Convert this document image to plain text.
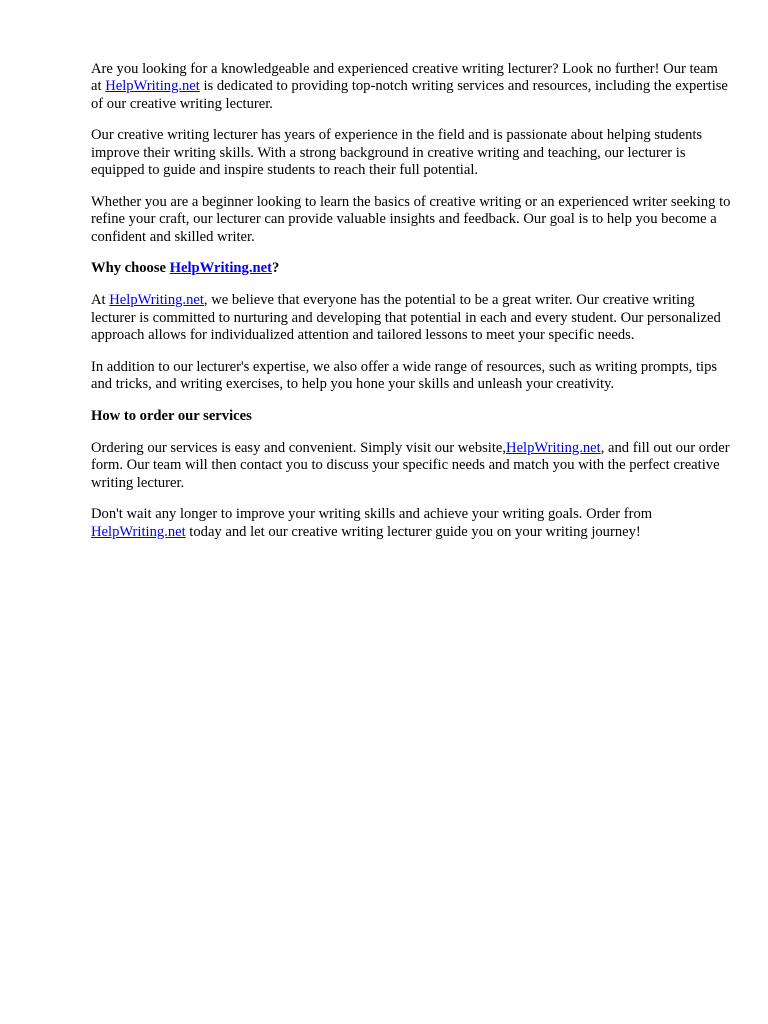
Are you looking for a knowledgeable and experienced creative writing lecturer? Look no further! Our team at HelpWriting.net is dedicated to providing top-notch writing services and resources, including the expertise of our creative writing lecturer.

Our creative writing lecturer has years of experience in the field and is passionate about helping students improve their writing skills. With a strong background in creative writing and teaching, our lecturer is equipped to guide and inspire students to reach their full potential.

Whether you are a beginner looking to learn the basics of creative writing or an experienced writer seeking to refine your craft, our lecturer can provide valuable insights and feedback. Our goal is to help you become a confident and skilled writer.

Why choose HelpWriting.net?

At HelpWriting.net, we believe that everyone has the potential to be a great writer. Our creative writing lecturer is committed to nurturing and developing that potential in each and every student. Our personalized approach allows for individualized attention and tailored lessons to meet your specific needs.

In addition to our lecturer's expertise, we also offer a wide range of resources, such as writing prompts, tips and tricks, and writing exercises, to help you hone your skills and unleash your creativity.

How to order our services

Ordering our services is easy and convenient. Simply visit our website,HelpWriting.net, and fill out our order form. Our team will then contact you to discuss your specific needs and match you with the perfect creative writing lecturer.

Don't wait any longer to improve your writing skills and achieve your writing goals. Order from HelpWriting.net today and let our creative writing lecturer guide you on your writing journey!
